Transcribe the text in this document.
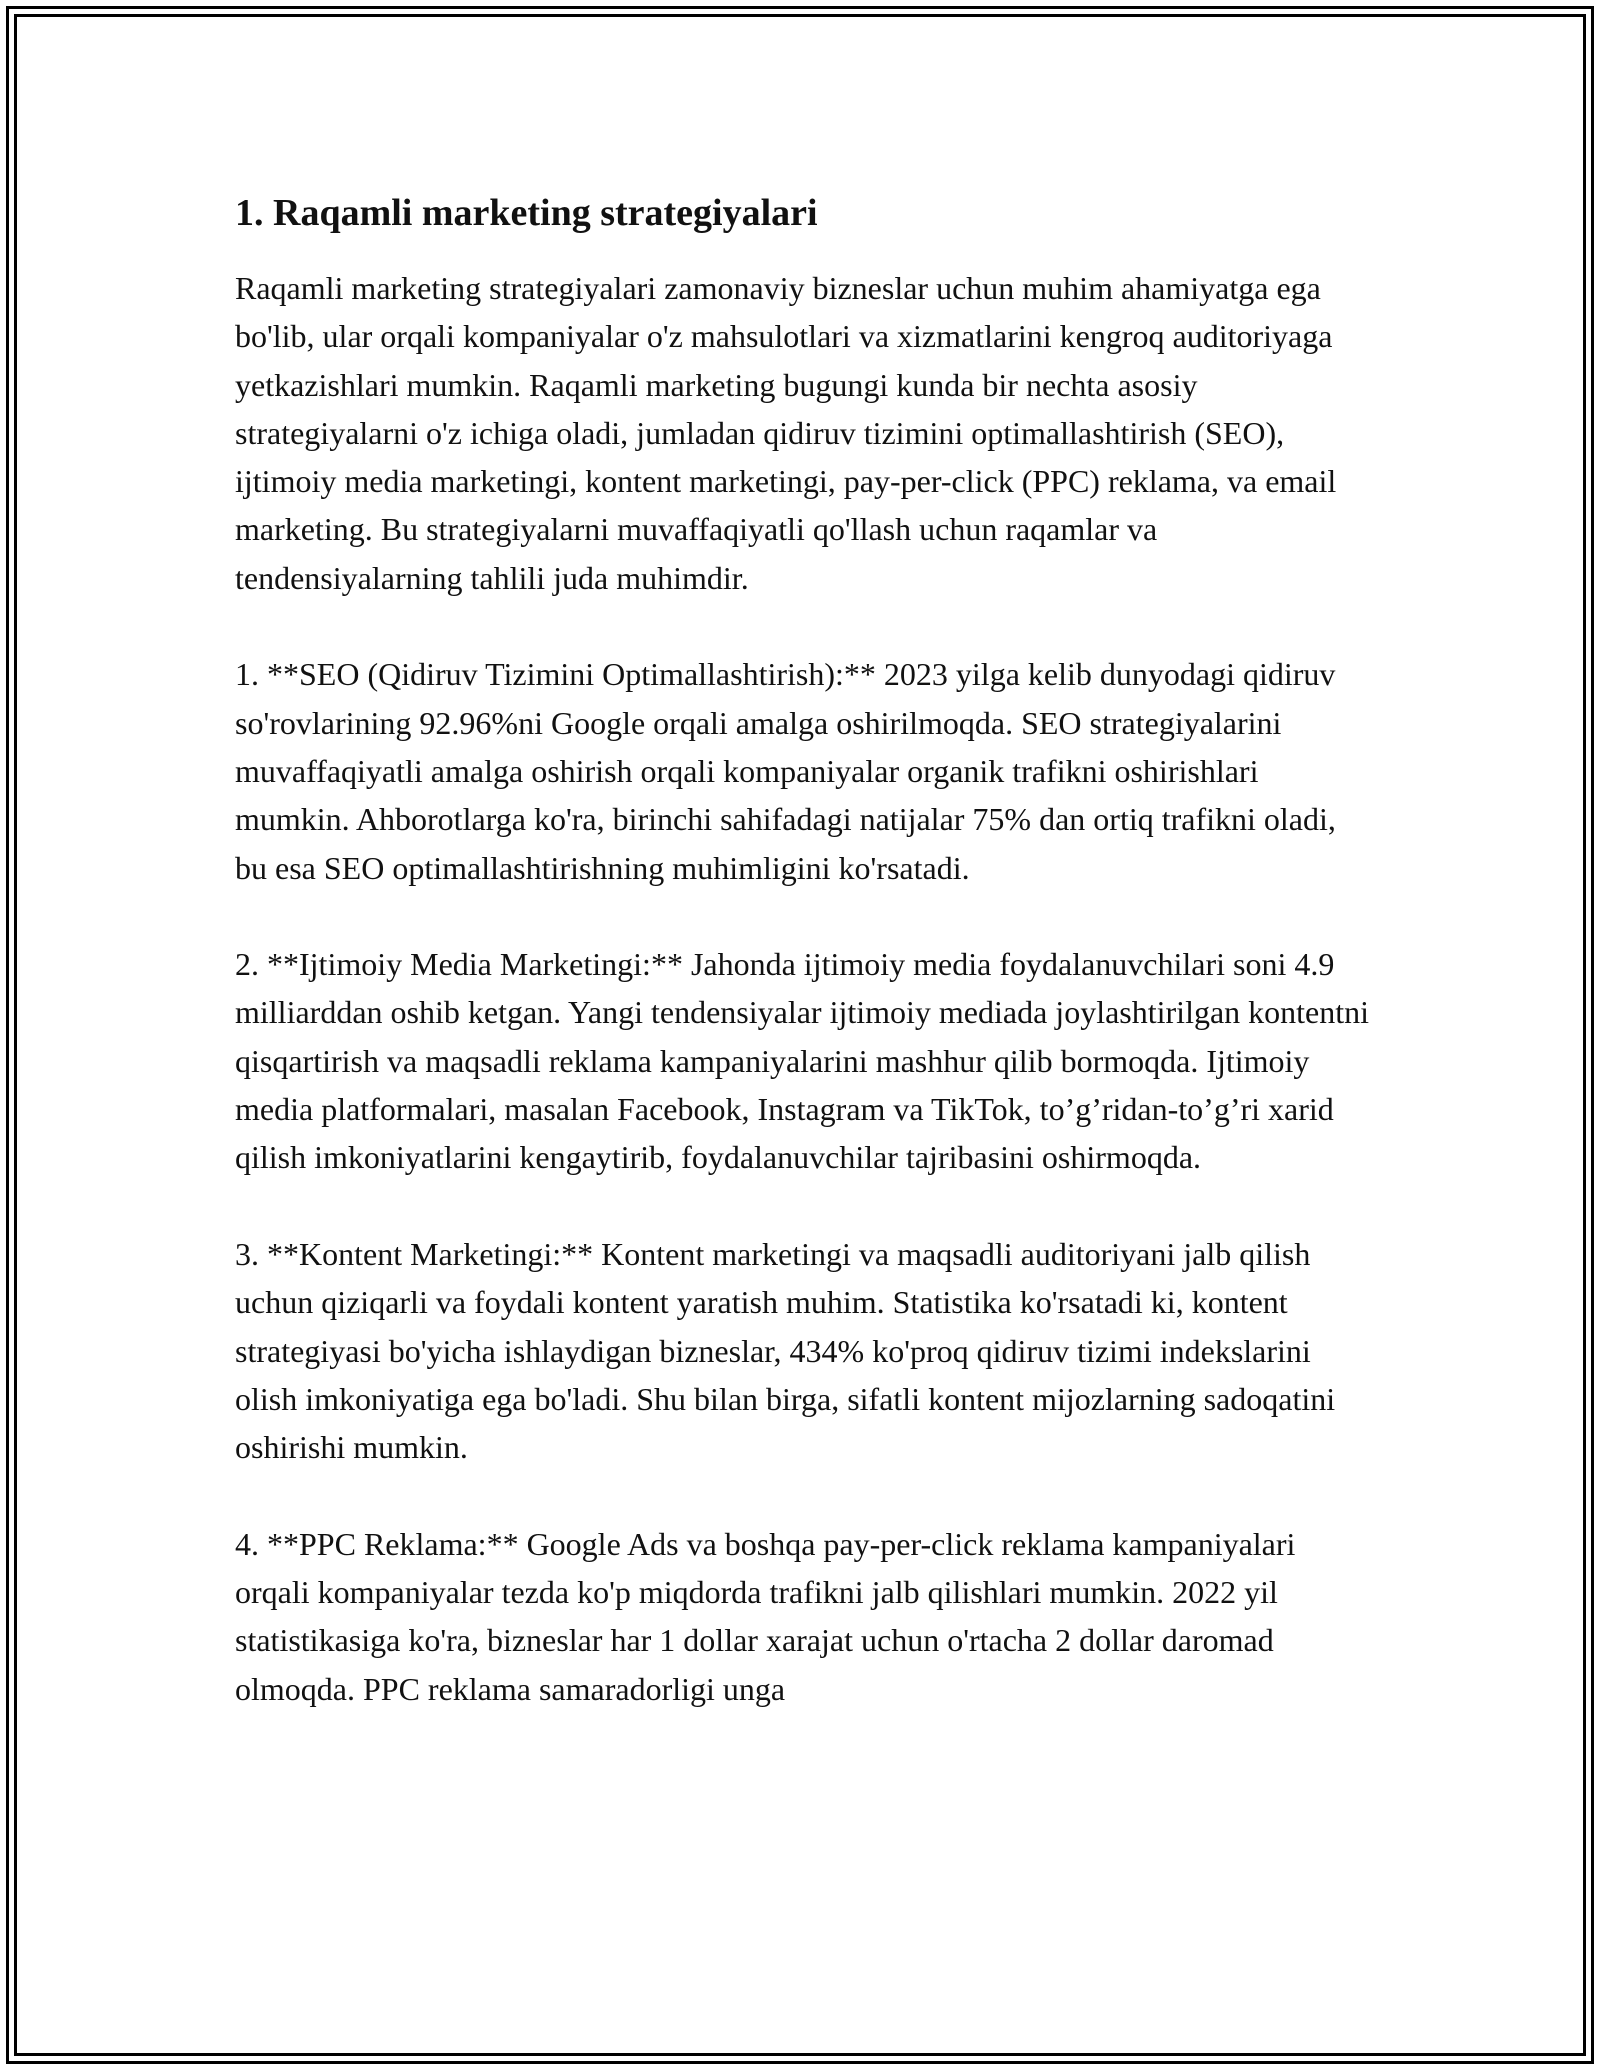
1. Raqamli marketing strategiyalari

Raqamli marketing strategiyalari zamonaviy bizneslar uchun muhim ahamiyatga ega bo'lib, ular orqali kompaniyalar o'z mahsulotlari va xizmatlarini kengroq auditoriyaga yetkazishlari mumkin. Raqamli marketing bugungi kunda bir nechta asosiy strategiyalarni o'z ichiga oladi, jumladan qidiruv tizimini optimallashtirish (SEO), ijtimoiy media marketingi, kontent marketingi, pay-per-click (PPC) reklama, va email marketing. Bu strategiyalarni muvaffaqiyatli qo'llash uchun raqamlar va tendensiyalarning tahlili juda muhimdir.

1. **SEO (Qidiruv Tizimini Optimallashtirish):** 2023 yilga kelib dunyodagi qidiruv so'rovlarining 92.96%ni Google orqali amalga oshirilmoqda. SEO strategiyalarini muvaffaqiyatli amalga oshirish orqali kompaniyalar organik trafikni oshirishlari mumkin. Ahborotlarga ko'ra, birinchi sahifadagi natijalar 75% dan ortiq trafikni oladi, bu esa SEO optimallashtirishning muhimligini ko'rsatadi.

2. **Ijtimoiy Media Marketingi:** Jahonda ijtimoiy media foydalanuvchilari soni 4.9 milliarddan oshib ketgan. Yangi tendensiyalar ijtimoiy mediada joylashtirilgan kontentni qisqartirish va maqsadli reklama kampaniyalarini mashhur qilib bormoqda. Ijtimoiy media platformalari, masalan Facebook, Instagram va TikTok, to’g’ridan-to’g’ri xarid qilish imkoniyatlarini kengaytirib, foydalanuvchilar tajribasini oshirmoqda.

3. **Kontent Marketingi:** Kontent marketingi va maqsadli auditoriyani jalb qilish uchun qiziqarli va foydali kontent yaratish muhim. Statistika ko'rsatadi ki, kontent strategiyasi bo'yicha ishlaydigan bizneslar, 434% ko'proq qidiruv tizimi indekslarini olish imkoniyatiga ega bo'ladi. Shu bilan birga, sifatli kontent mijozlarning sadoqatini oshirishi mumkin.

4. **PPC Reklama:** Google Ads va boshqa pay-per-click reklama kampaniyalari orqali kompaniyalar tezda ko'p miqdorda trafikni jalb qilishlari mumkin. 2022 yil statistikasiga ko'ra, bizneslar har 1 dollar xarajat uchun o'rtacha 2 dollar daromad olmoqda. PPC reklama samaradorligi unga
